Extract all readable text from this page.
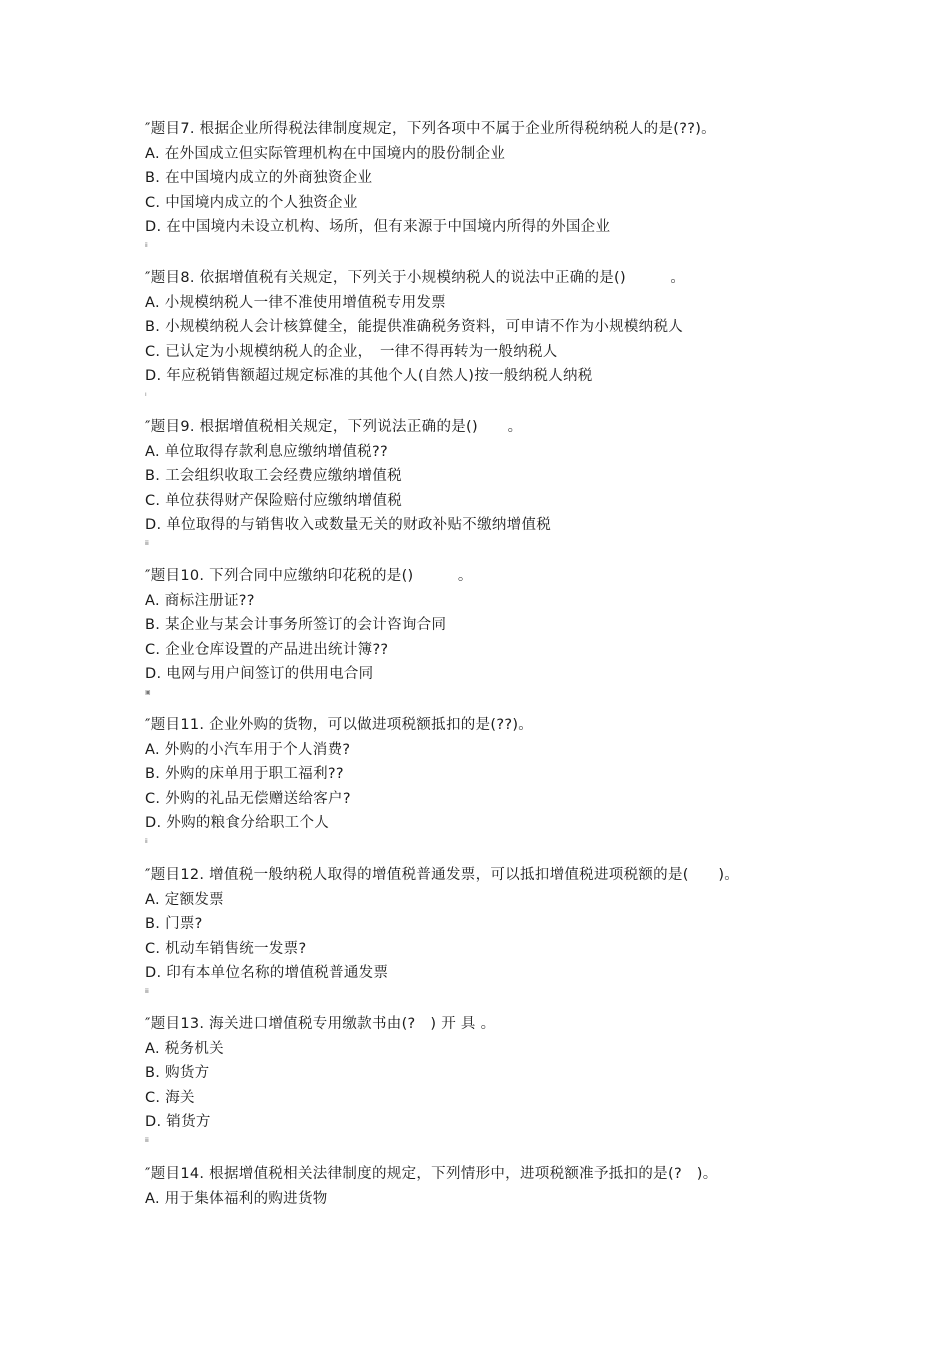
″题目7. 根据企业所得税法律制度规定，下列各项中不属于企业所得税纳税人的是(??)。
A. 在外国成立但实际管理机构在中国境内的股份制企业
B. 在中国境内成立的外商独资企业
C. 中国境内成立的个人独资企业
D. 在中国境内未设立机构、场所，但有来源于中国境内所得的外国企业
ⅱ
″题目8. 依据增值税有关规定，下列关于小规模纳税人的说法中正确的是()　　　。
A. 小规模纳税人一律不准使用增值税专用发票
B. 小规模纳税人会计核算健全，能提供准确税务资料，可申请不作为小规模纳税人
C. 已认定为小规模纳税人的企业，　一律不得再转为一般纳税人
D. 年应税销售额超过规定标准的其他个人(自然人)按一般纳税人纳税
ı
″题目9. 根据增值税相关规定，下列说法正确的是()　　。
A. 单位取得存款利息应缴纳增值税??
B. 工会组织收取工会经费应缴纳增值税
C. 单位获得财产保险赔付应缴纳增值税
D. 单位取得的与销售收入或数量无关的财政补贴不缴纳增值税
ⅲ
″题目10. 下列合同中应缴纳印花税的是()　　　。
A. 商标注册证??
B. 某企业与某会计事务所签订的会计咨询合同
C. 企业仓库设置的产品进出统计簿??
D. 电网与用户间签订的供用电合同
▣
″题目11. 企业外购的货物，可以做进项税额抵扣的是(??)。
A. 外购的小汽车用于个人消费?
B. 外购的床单用于职工福利??
C. 外购的礼品无偿赠送给客户?
D. 外购的粮食分给职工个人
ⅱ
″题目12. 增值税一般纳税人取得的增值税普通发票，可以抵扣增值税进项税额的是(　　)。
A. 定额发票
B. 门票?
C. 机动车销售统一发票?
D. 印有本单位名称的增值税普通发票
ⅲ
″题目13. 海关进口增值税专用缴款书由(?　) 开 具 。
A. 税务机关
B. 购货方
C. 海关
D. 销货方
ⅲ
″题目14. 根据增值税相关法律制度的规定，下列情形中，进项税额准予抵扣的是(?　)。
A. 用于集体福利的购进货物
